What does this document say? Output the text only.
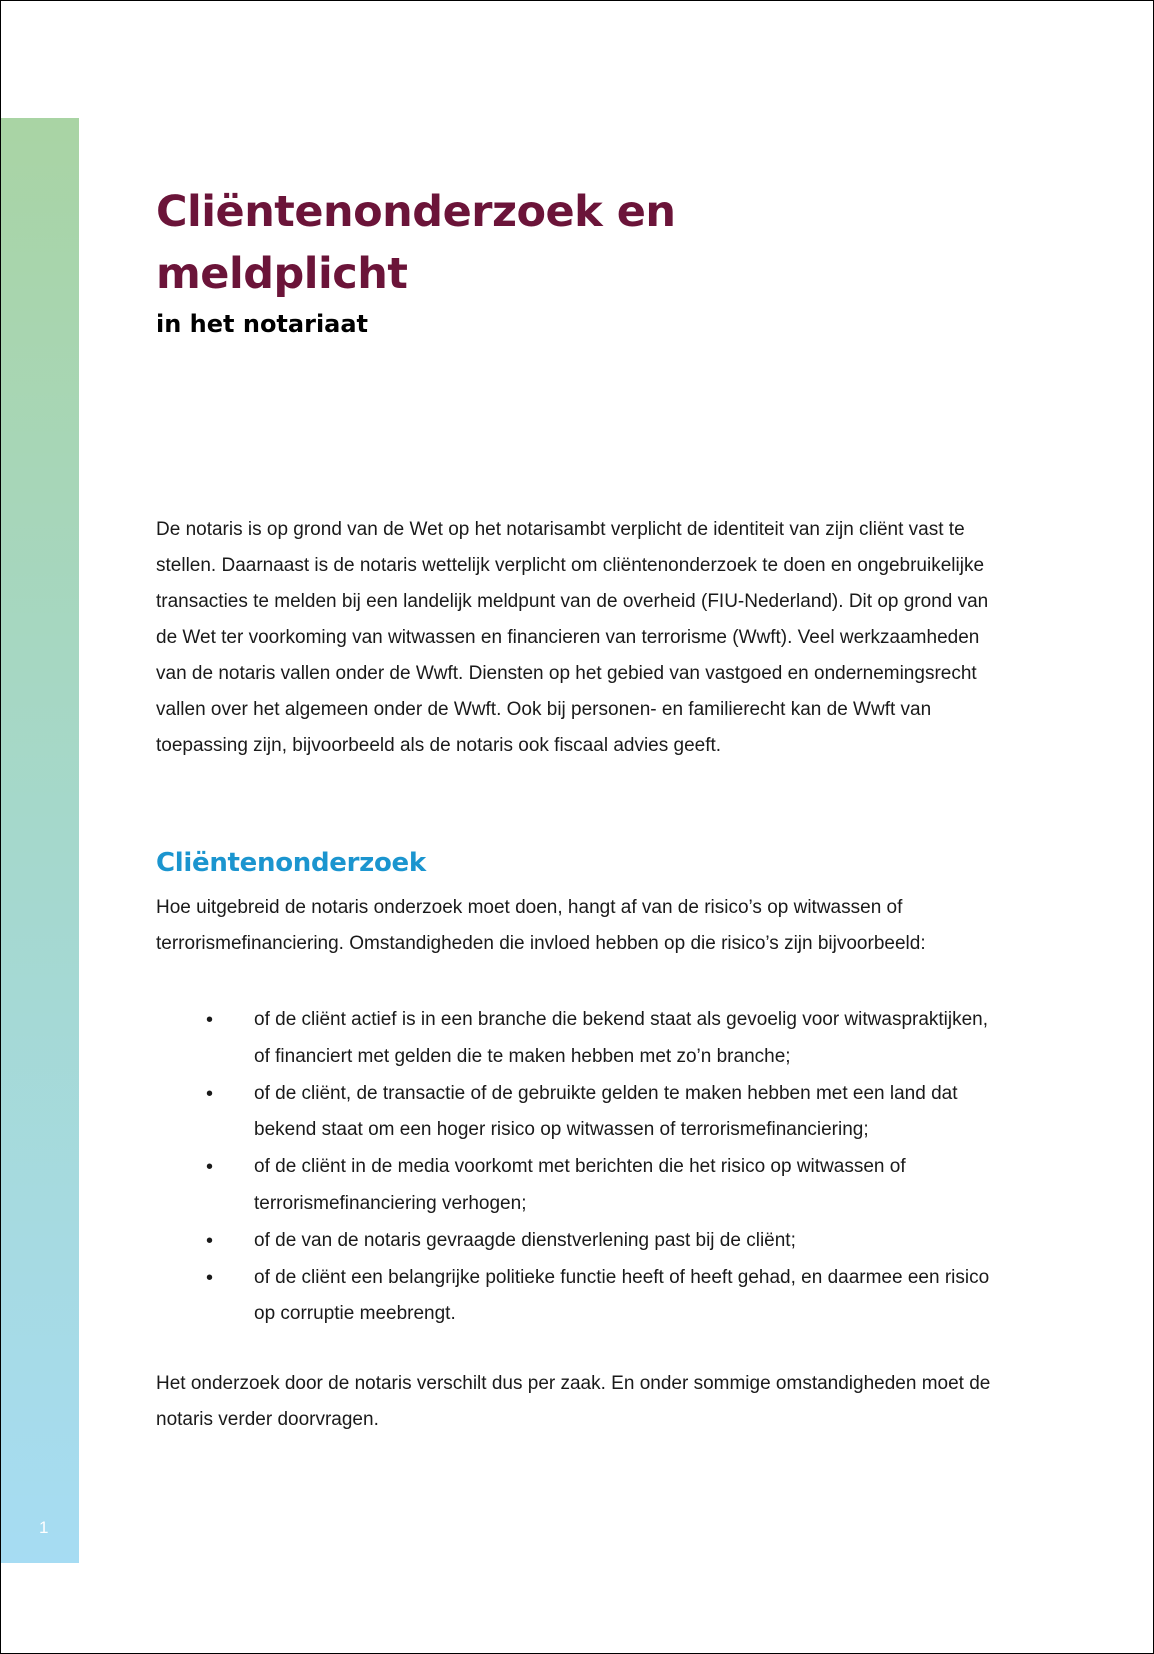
1
Cliëntenonderzoek en meldplicht
in het notariaat

De notaris is op grond van de Wet op het notarisambt verplicht de identiteit van zijn cliënt vast te stellen. Daarnaast is de notaris wettelijk verplicht om cliëntenonderzoek te doen en ongebruikelijke transacties te melden bij een landelijk meldpunt van de overheid (FIU-Nederland). Dit op grond van de Wet ter voorkoming van witwassen en financieren van terrorisme (Wwft). Veel werkzaamheden van de notaris vallen onder de Wwft. Diensten op het gebied van vastgoed en ondernemingsrecht vallen over het algemeen onder de Wwft. Ook bij personen- en familierecht kan de Wwft van toepassing zijn, bijvoorbeeld als de notaris ook fiscaal advies geeft.

Cliëntenonderzoek

Hoe uitgebreid de notaris onderzoek moet doen, hangt af van de risico’s op witwassen of terrorismefinanciering. Omstandigheden die invloed hebben op die risico’s zijn bijvoorbeeld:

• of de cliënt actief is in een branche die bekend staat als gevoelig voor witwaspraktijken, of financiert met gelden die te maken hebben met zo’n branche;
• of de cliënt, de transactie of de gebruikte gelden te maken hebben met een land dat bekend staat om een hoger risico op witwassen of terrorismefinanciering;
• of de cliënt in de media voorkomt met berichten die het risico op witwassen of terrorismefinanciering verhogen;
• of de van de notaris gevraagde dienstverlening past bij de cliënt;
• of de cliënt een belangrijke politieke functie heeft of heeft gehad, en daarmee een risico op corruptie meebrengt.

Het onderzoek door de notaris verschilt dus per zaak. En onder sommige omstandigheden moet de notaris verder doorvragen.
